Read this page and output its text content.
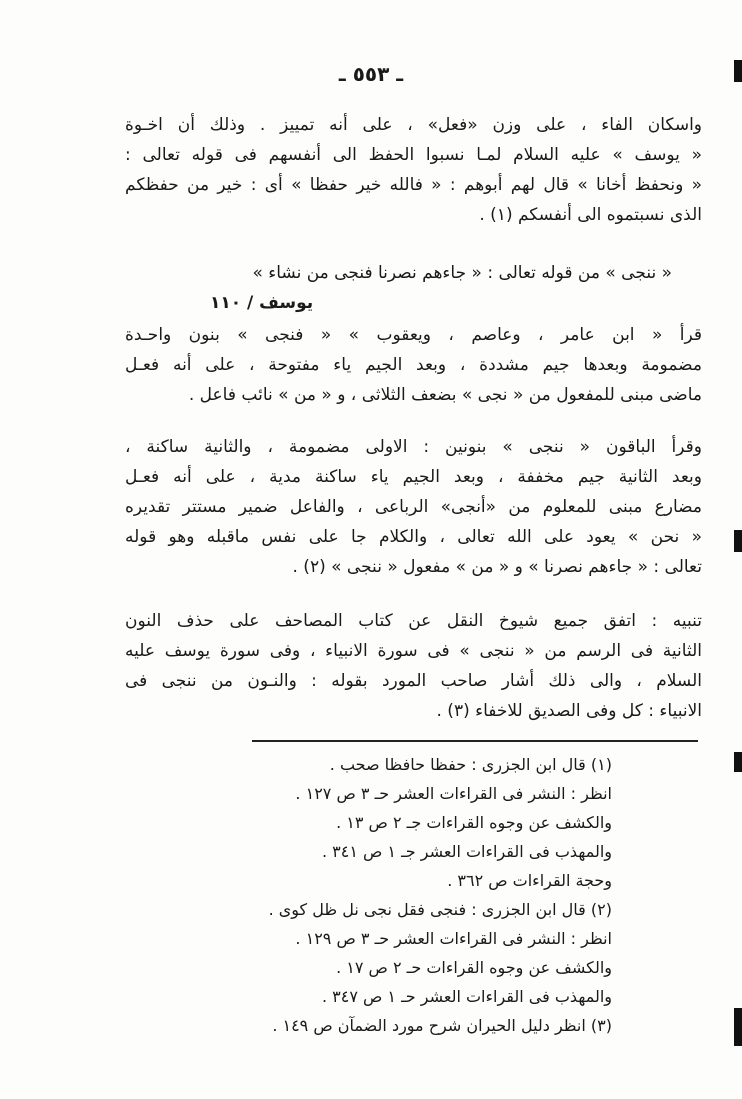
ـ ٥٥٣ ـ
واسكان الفاء ، على وزن «فعل» ، على أنه تمييز . وذلك أن اخـوة
« يوسف » عليه السلام لمـا نسبوا الحفظ الى أنفسهم فى قوله تعالى :
« ونحفظ أخانا » قال لهم أبوهم : « فالله خير حفظا » أى : خير من حفظكم
الذى نسبتموه الى أنفسكم (١) .
« ننجى » من قوله تعالى : « جاءهم نصرنا فنجى من نشاء »
يوسف / ١١٠
قرأ « ابن عامر ، وعاصم ، ويعقوب » « فنجى » بنون واحـدة
مضمومة وبعدها جيم مشددة ، وبعد الجيم ياء مفتوحة ، على أنه فعـل
ماضى مبنى للمفعول من « نجى » بضعف الثلاثى ، و « من » نائب فاعل .
وقرأ الباقون « ننجى » بنونين : الاولى مضمومة ، والثانية ساكنة ،
وبعد الثانية جيم مخففة ، وبعد الجيم ياء ساكنة مدية ، على أنه فعـل
مضارع مبنى للمعلوم من «أنجى» الرباعى ، والفاعل ضمير مستتر تقديره
« نحن » يعود على الله تعالى ، والكلام جا على نفس ماقبله وهو قوله
تعالى : « جاءهم نصرنا » و « من » مفعول « ننجى » (٢) .
تنبيه : اتفق جميع شيوخ النقل عن كتاب المصاحف على حذف النون
الثانية فى الرسم من « ننجى » فى سورة الانبياء ، وفى سورة يوسف عليه
السلام ، والى ذلك أشار صاحب المورد بقوله : والنـون من ننجى فى
الانبياء : كل وفى الصديق للاخفاء (٣) .
(١) قال ابن الجزرى : حفظا حافظا صحب .
انظر : النشر فى القراءات العشر حـ ٣ ص ١٢٧ .
والكشف عن وجوه القراءات جـ ٢ ص ١٣ .
والمهذب فى القراءات العشر جـ ١ ص ٣٤١ .
وحجة القراءات ص ٣٦٢ .
(٢) قال ابن الجزرى : فنجى فقل نجى نل ظل كوى .
انظر : النشر فى القراءات العشر حـ ٣ ص ١٢٩ .
والكشف عن وجوه القراءات حـ ٢ ص ١٧ .
والمهذب فى القراءات العشر حـ ١ ص ٣٤٧ .
(٣) انظر دليل الحيران شرح مورد الضمآن ص ١٤٩ .
